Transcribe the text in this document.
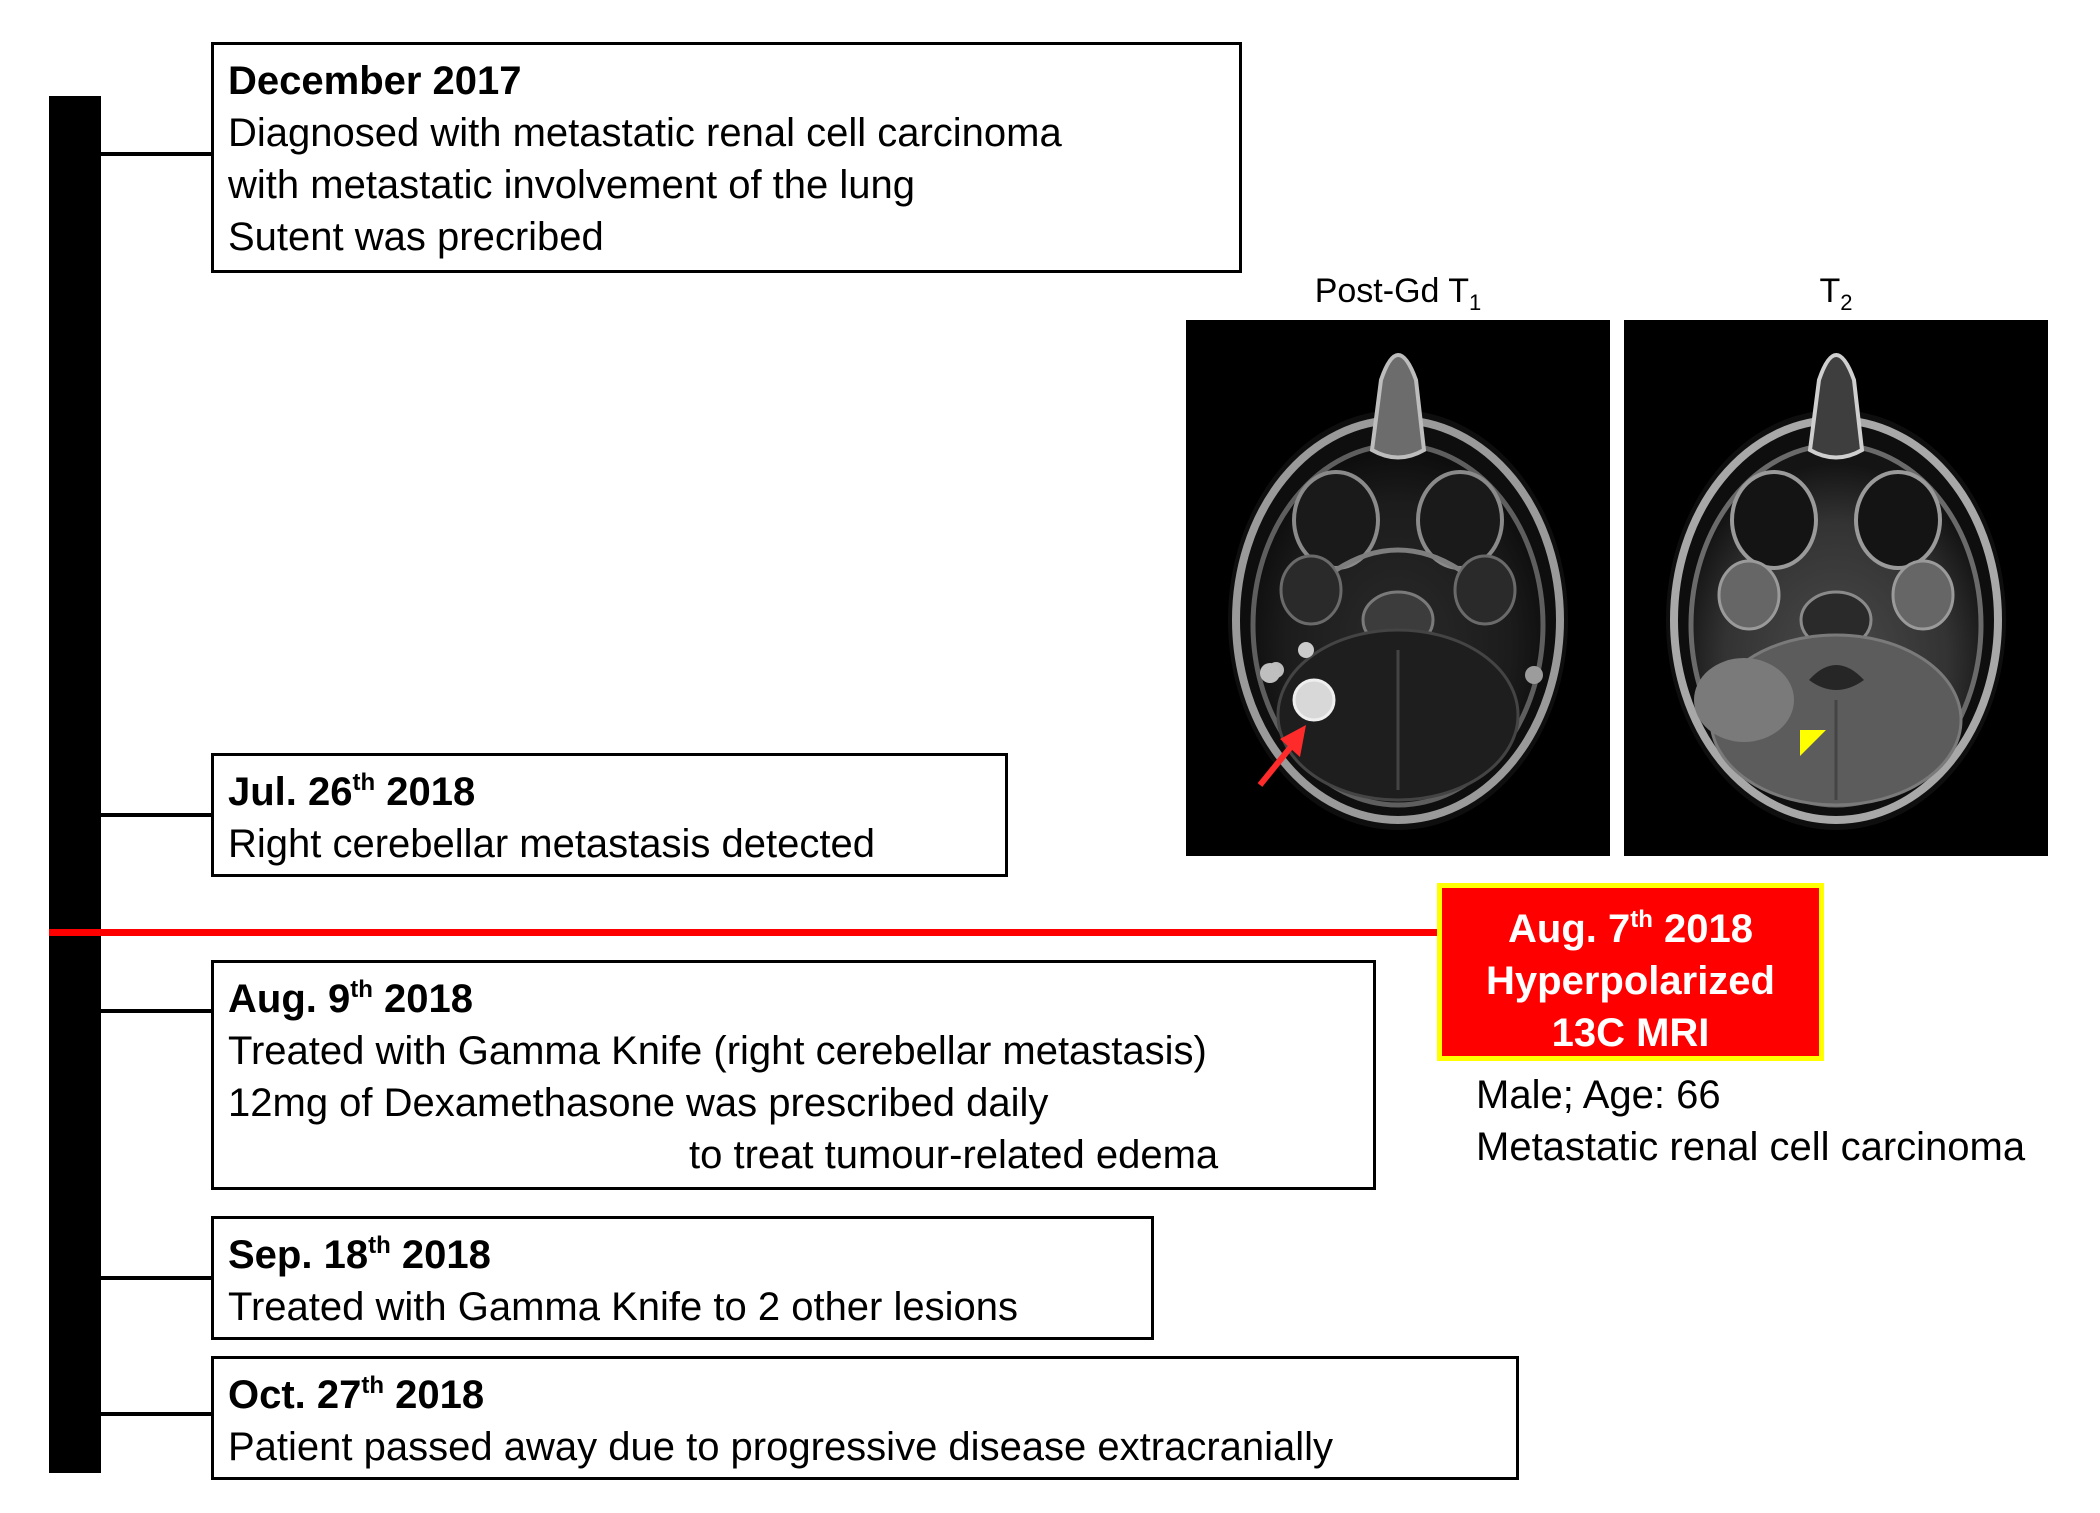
December 2017
Diagnosed with metastatic renal cell carcinoma
with metastatic involvement of the lung
Sutent was precribed
Jul. 26th 2018
Right cerebellar metastasis detected
Aug. 9th 2018
Treated with Gamma Knife (right cerebellar metastasis)
12mg of Dexamethasone was prescribed daily
to treat tumour-related edema
Sep. 18th 2018
Treated with Gamma Knife to 2 other lesions
Oct. 27th 2018
Patient passed away due to progressive disease extracranially
Post-Gd $T_1$	$T_2$
Aug. 7th 2018
Hyperpolarized
13C MRI
Male; Age: 66
Metastatic renal cell carcinoma
